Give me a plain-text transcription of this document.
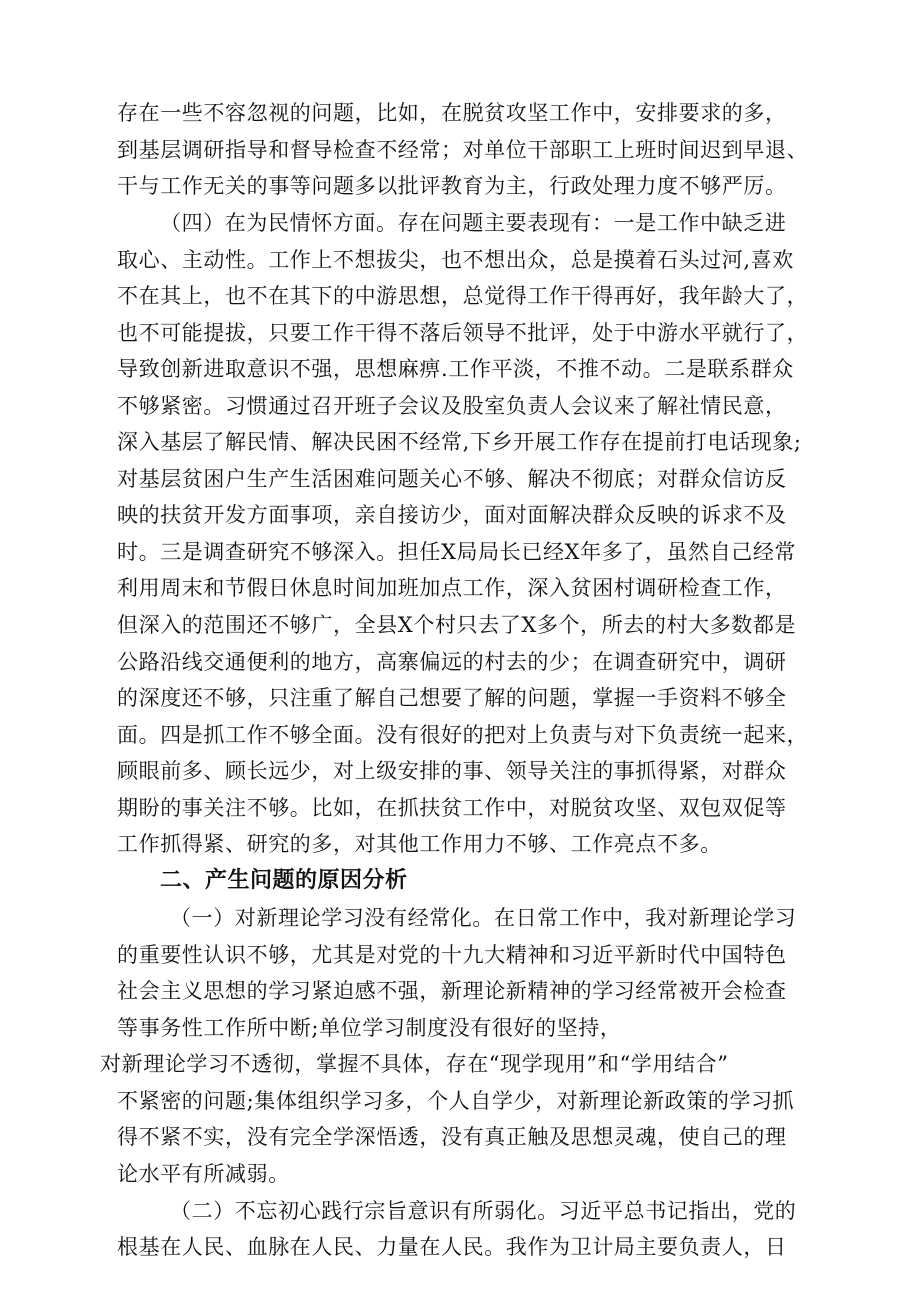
存在一些不容忽视的问题，比如，在脱贫攻坚工作中，安排要求的多，
到基层调研指导和督导检查不经常；对单位干部职工上班时间迟到早退、
干与工作无关的事等问题多以批评教育为主，行政处理力度不够严厉。
（四）在为民情怀方面。存在问题主要表现有：一是工作中缺乏进
取心、主动性。工作上不想拔尖，也不想出众，总是摸着石头过河,喜欢
不在其上，也不在其下的中游思想，总觉得工作干得再好，我年龄大了，
也不可能提拔，只要工作干得不落后领导不批评，处于中游水平就行了，
导致创新进取意识不强，思想麻痹.工作平淡，不推不动。二是联系群众
不够紧密。习惯通过召开班子会议及股室负责人会议来了解社情民意，
深入基层了解民情、解决民困不经常,下乡开展工作存在提前打电话现象;
对基层贫困户生产生活困难问题关心不够、解决不彻底；对群众信访反
映的扶贫开发方面事项，亲自接访少，面对面解决群众反映的诉求不及
时。三是调查研究不够深入。担任X局局长已经X年多了，虽然自己经常
利用周末和节假日休息时间加班加点工作，深入贫困村调研检查工作，
但深入的范围还不够广，全县X个村只去了X多个，所去的村大多数都是
公路沿线交通便利的地方，高寨偏远的村去的少；在调查研究中，调研
的深度还不够，只注重了解自己想要了解的问题，掌握一手资料不够全
面。四是抓工作不够全面。没有很好的把对上负责与对下负责统一起来，
顾眼前多、顾长远少，对上级安排的事、领导关注的事抓得紧，对群众
期盼的事关注不够。比如，在抓扶贫工作中，对脱贫攻坚、双包双促等
工作抓得紧、研究的多，对其他工作用力不够、工作亮点不多。
二、产生问题的原因分析
（一）对新理论学习没有经常化。在日常工作中，我对新理论学习
的重要性认识不够，尤其是对党的十九大精神和习近平新时代中国特色
社会主义思想的学习紧迫感不强，新理论新精神的学习经常被开会检查
等事务性工作所中断;单位学习制度没有很好的坚持，
对新理论学习不透彻，掌握不具体，存在“现学现用”和“学用结合”
不紧密的问题;集体组织学习多，个人自学少，对新理论新政策的学习抓
得不紧不实，没有完全学深悟透，没有真正触及思想灵魂，使自己的理
论水平有所减弱。
（二）不忘初心践行宗旨意识有所弱化。习近平总书记指出，党的
根基在人民、血脉在人民、力量在人民。我作为卫计局主要负责人，日
